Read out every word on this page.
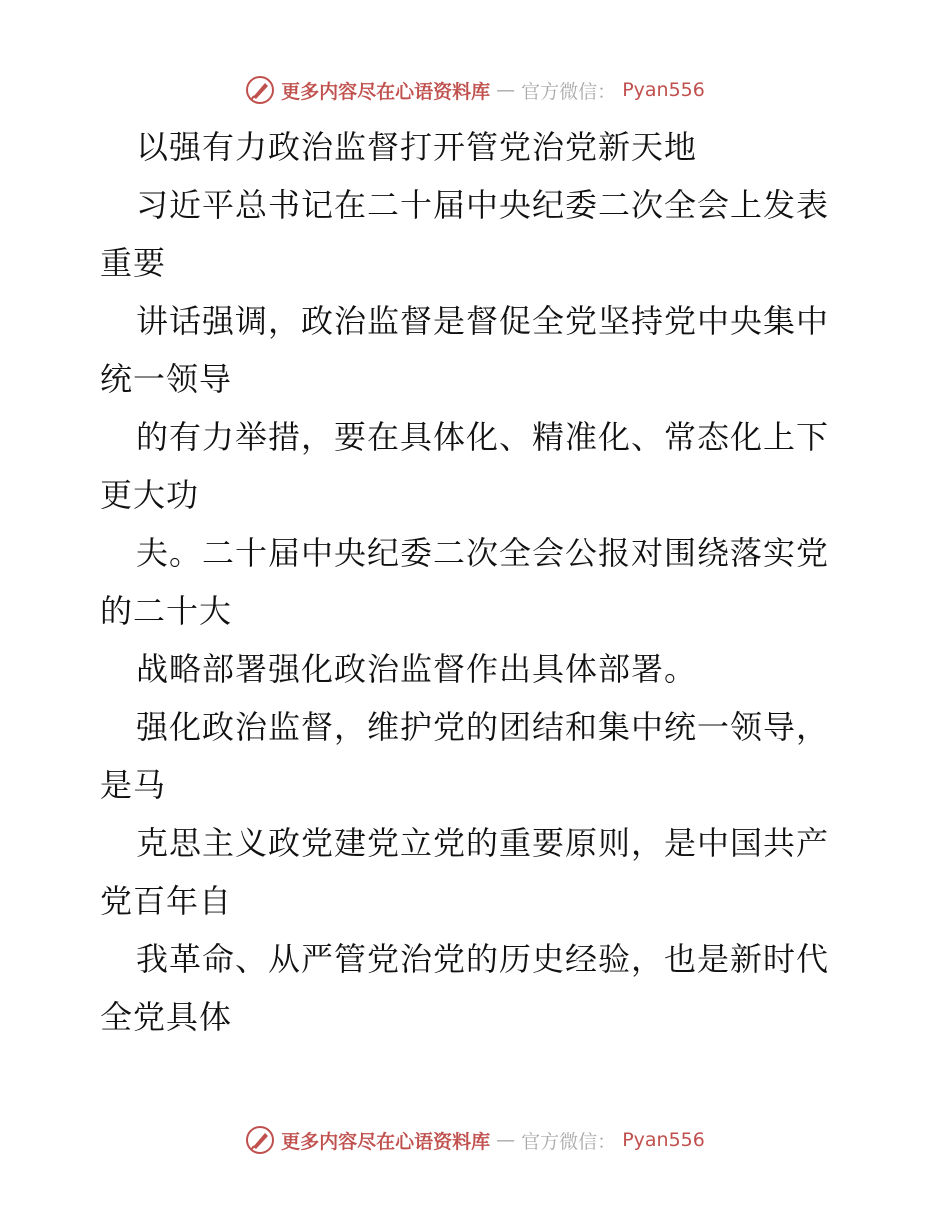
更多内容尽在心语资料库 — 官方微信： Pyan556
以强有力政治监督打开管党治党新天地
习近平总书记在二十届中央纪委二次全会上发表
重要
讲话强调，政治监督是督促全党坚持党中央集中
统一领导
的有力举措，要在具体化、精准化、常态化上下
更大功
夫。二十届中央纪委二次全会公报对围绕落实党
的二十大
战略部署强化政治监督作出具体部署。
强化政治监督，维护党的团结和集中统一领导，
是马
克思主义政党建党立党的重要原则，是中国共产
党百年自
我革命、从严管党治党的历史经验，也是新时代
全党具体
更多内容尽在心语资料库 — 官方微信： Pyan556
